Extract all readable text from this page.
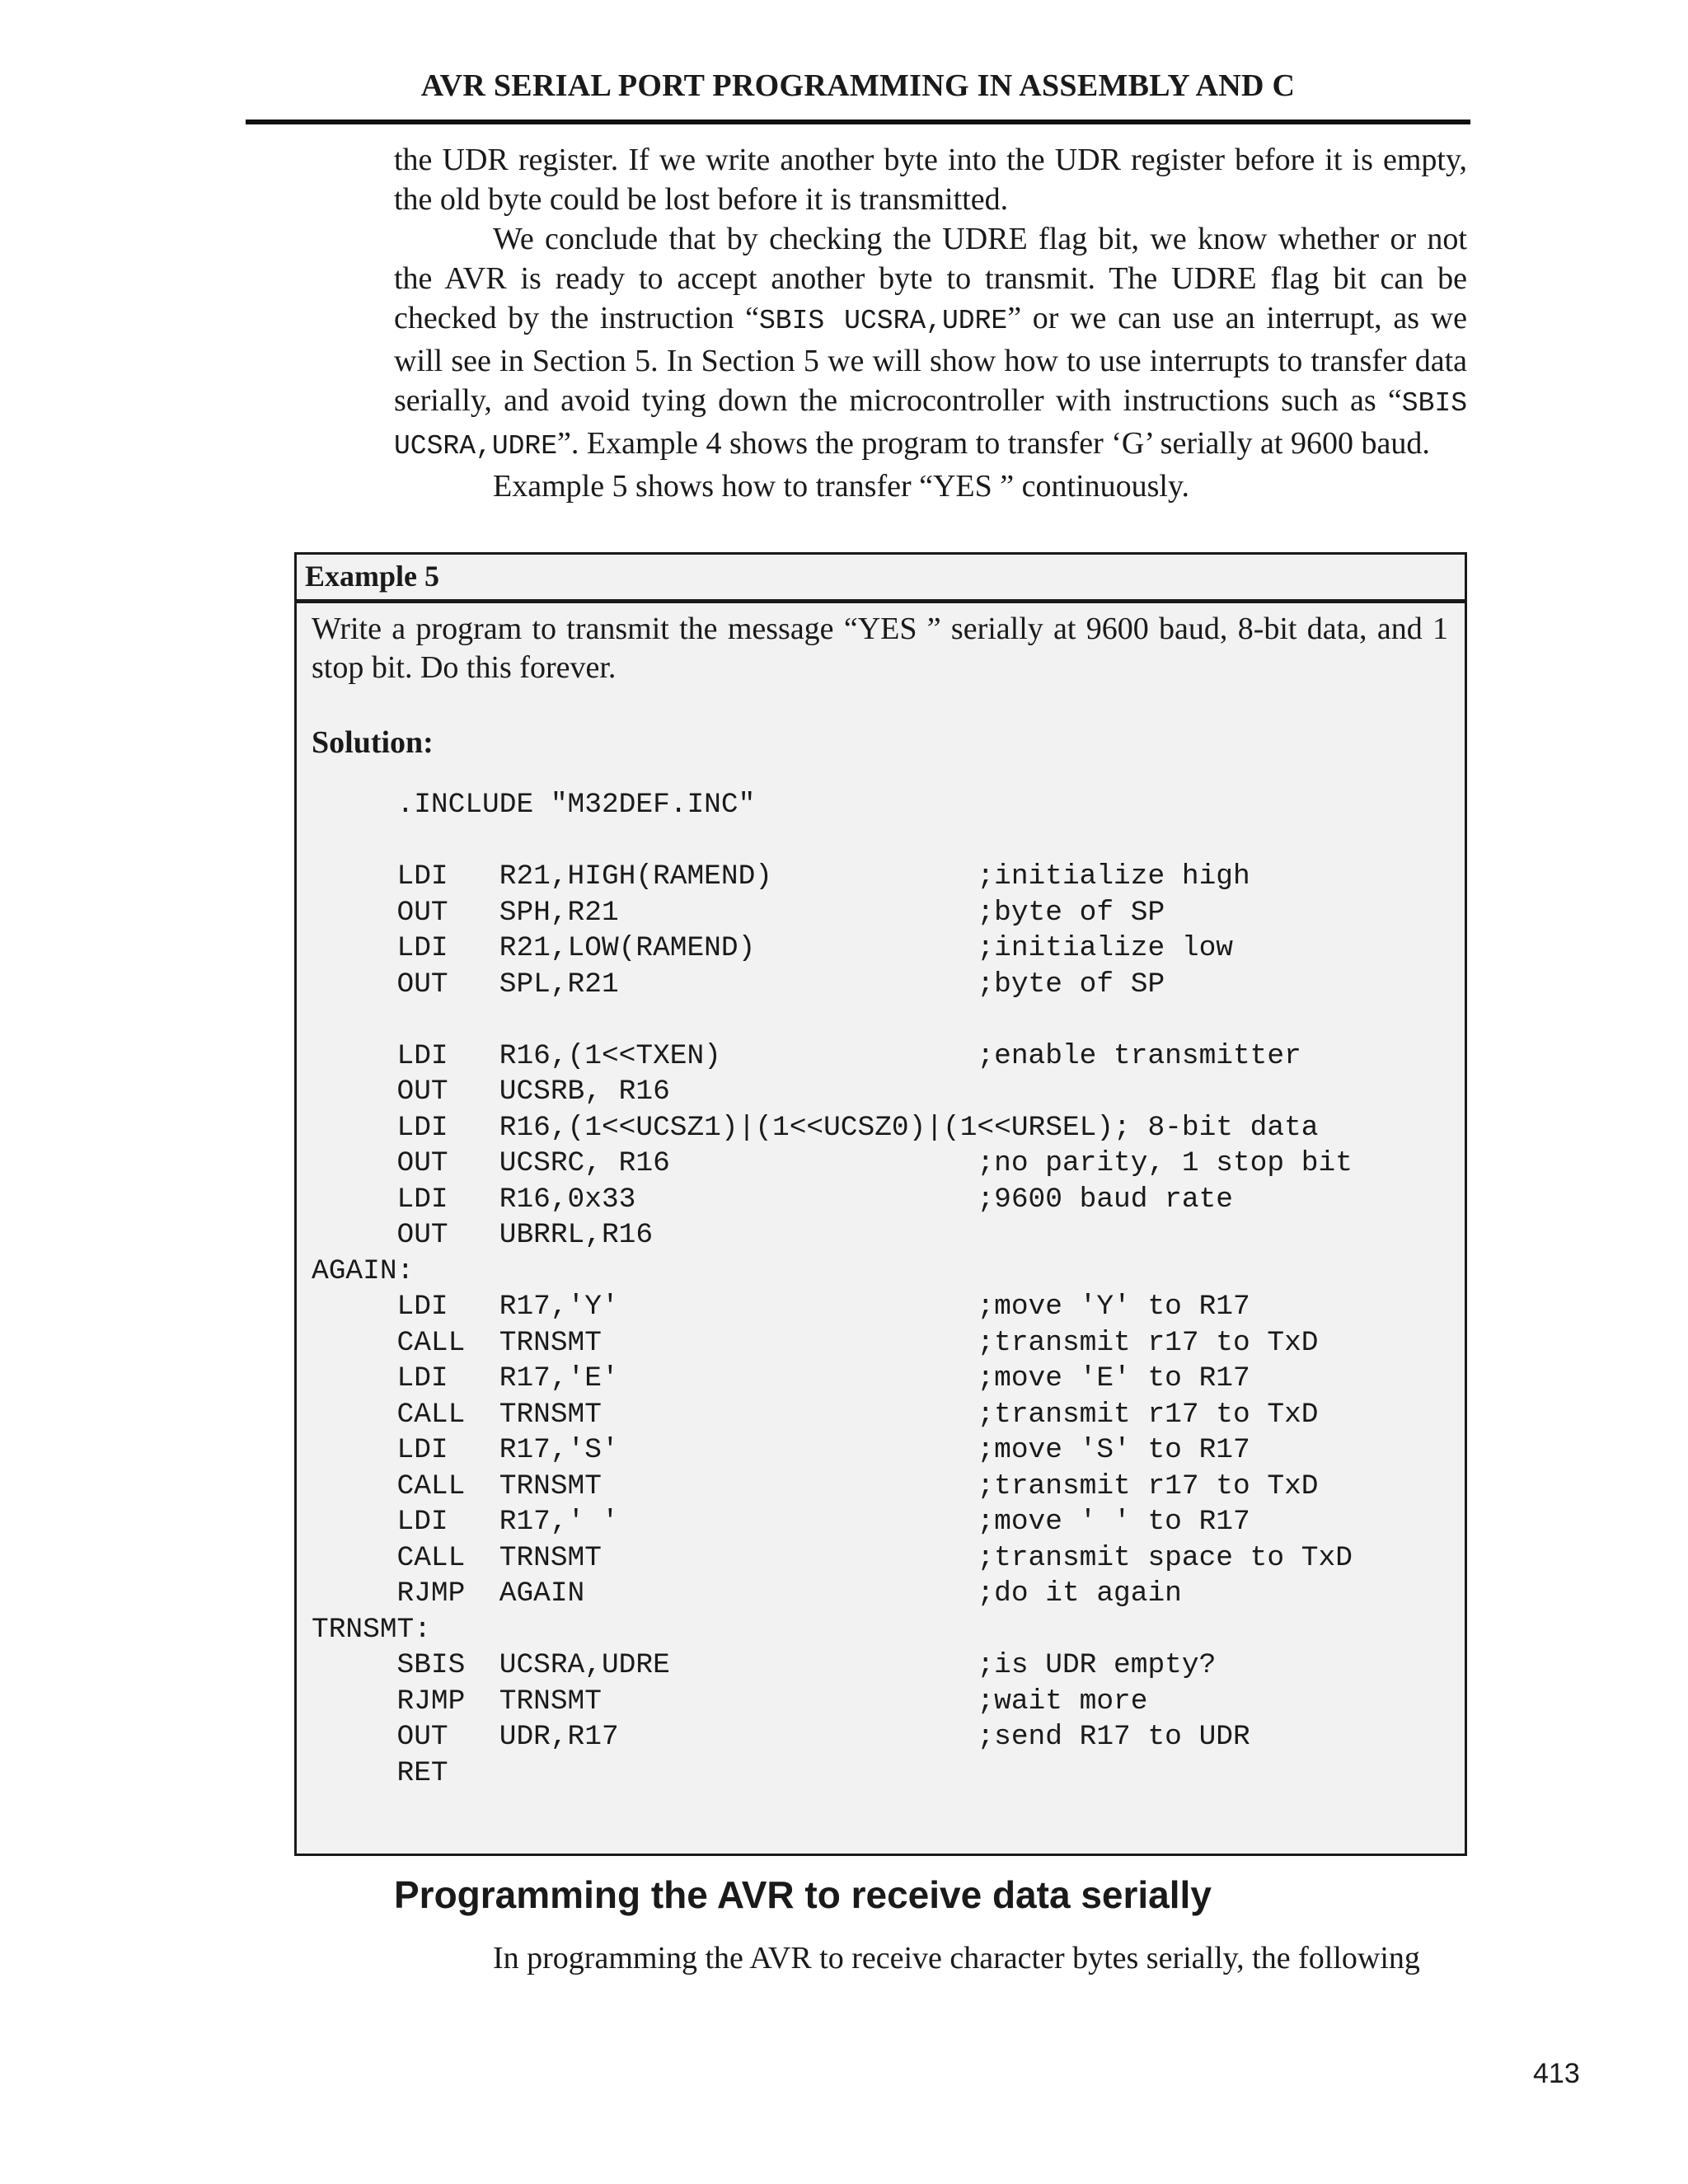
AVR SERIAL PORT PROGRAMMING IN ASSEMBLY AND C

the UDR register. If we write another byte into the UDR register before it is empty, the old byte could be lost before it is transmitted.

We conclude that by checking the UDRE flag bit, we know whether or not the AVR is ready to accept another byte to transmit. The UDRE flag bit can be checked by the instruction “SBIS UCSRA,UDRE” or we can use an interrupt, as we will see in Section 5. In Section 5 we will show how to use interrupts to transfer data serially, and avoid tying down the microcontroller with instructions such as “SBIS UCSRA,UDRE”. Example 4 shows the program to transfer ‘G’ serially at 9600 baud.

Example 5 shows how to transfer “YES ” continuously.

Example 5

Write a program to transmit the message “YES ” serially at 9600 baud, 8-bit data, and 1 stop bit. Do this forever.

Solution:

.INCLUDE "M32DEF.INC"
LDI   R21,HIGH(RAMEND)            ;initialize high
OUT   SPH,R21                     ;byte of SP
LDI   R21,LOW(RAMEND)             ;initialize low
OUT   SPL,R21                     ;byte of SP
LDI   R16,(1<<TXEN)               ;enable transmitter
OUT   UCSRB, R16
LDI   R16,(1<<UCSZ1)|(1<<UCSZ0)|(1<<URSEL); 8-bit data
OUT   UCSRC, R16                  ;no parity, 1 stop bit
LDI   R16,0x33                    ;9600 baud rate
OUT   UBRRL,R16
AGAIN:
LDI   R17,'Y'                     ;move 'Y' to R17
CALL  TRNSMT                      ;transmit r17 to TxD
LDI   R17,'E'                     ;move 'E' to R17
CALL  TRNSMT                      ;transmit r17 to TxD
LDI   R17,'S'                     ;move 'S' to R17
CALL  TRNSMT                      ;transmit r17 to TxD
LDI   R17,' '                     ;move ' ' to R17
CALL  TRNSMT                      ;transmit space to TxD
RJMP  AGAIN                       ;do it again
TRNSMT:
SBIS  UCSRA,UDRE                  ;is UDR empty?
RJMP  TRNSMT                      ;wait more
OUT   UDR,R17                     ;send R17 to UDR
RET
Programming the AVR to receive data serially
In programming the AVR to receive character bytes serially, the following
413
